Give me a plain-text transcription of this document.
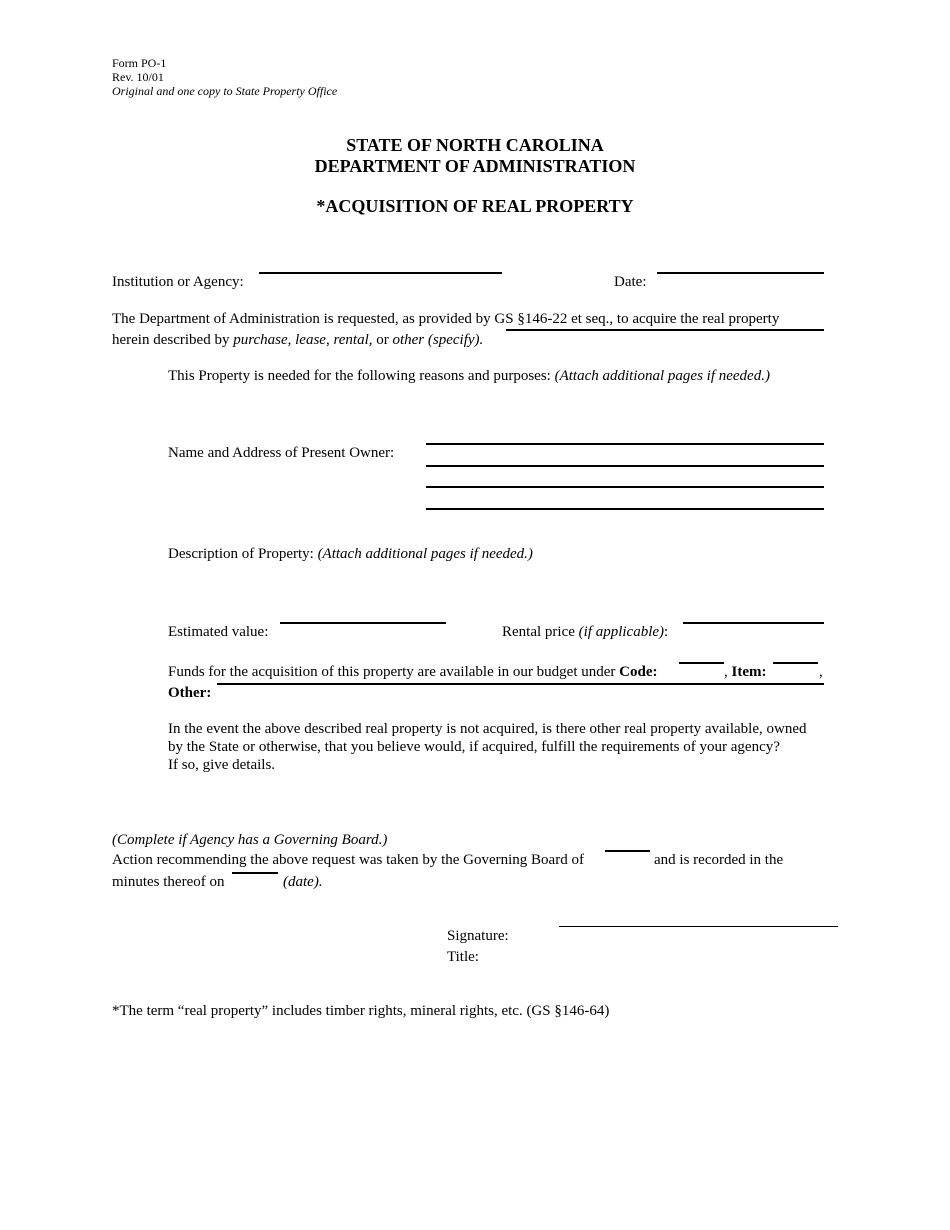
Form PO-1
Rev. 10/01
Original and one copy to State Property Office
STATE OF NORTH CAROLINA
DEPARTMENT OF ADMINISTRATION
*ACQUISITION OF REAL PROPERTY
Institution or Agency:	Date:
The Department of Administration is requested, as provided by GS §146-22 et seq., to acquire the real property
herein described by purchase, lease, rental, or other (specify).
This Property is needed for the following reasons and purposes: (Attach additional pages if needed.)
Name and Address of Present Owner:
Description of Property: (Attach additional pages if needed.)
Estimated value:	Rental price (if applicable):
Funds for the acquisition of this property are available in our budget under Code:	, Item:	,
Other:
In the event the above described real property is not acquired, is there other real property available, owned
by the State or otherwise, that you believe would, if acquired, fulfill the requirements of your agency?
If so, give details.
(Complete if Agency has a Governing Board.)
Action recommending the above request was taken by the Governing Board of	and is recorded in the
minutes thereof on	(date).
Signature:
Title:
*The term “real property” includes timber rights, mineral rights, etc. (GS §146-64)
